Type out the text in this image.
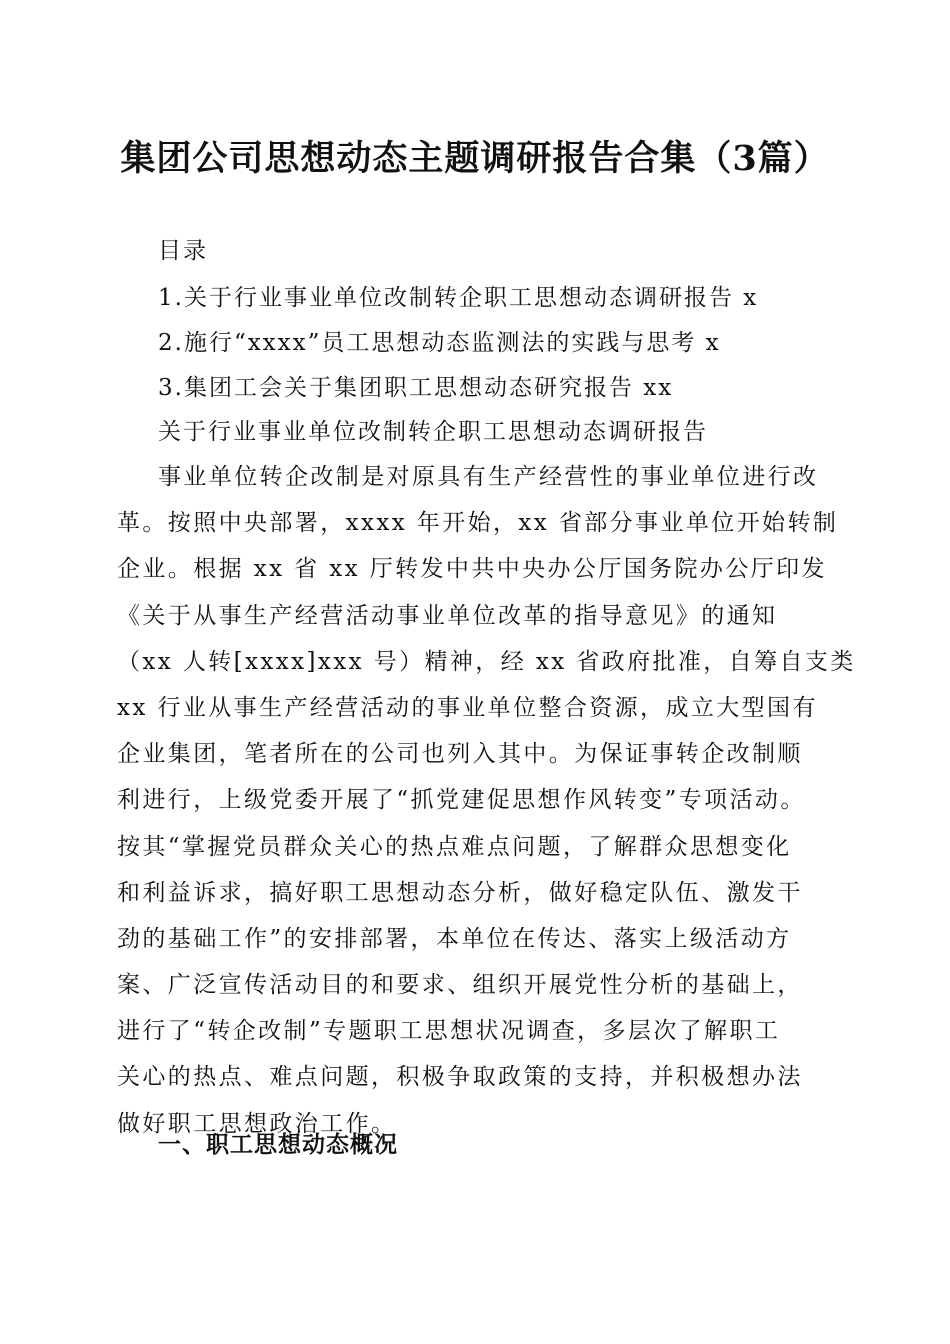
集团公司思想动态主题调研报告合集（3篇）
目录
1.关于行业事业单位改制转企职工思想动态调研报告 x
2.施行“xxxx”员工思想动态监测法的实践与思考 x
3.集团工会关于集团职工思想动态研究报告 xx
关于行业事业单位改制转企职工思想动态调研报告
事业单位转企改制是对原具有生产经营性的事业单位进行改
革。按照中央部署，xxxx 年开始，xx 省部分事业单位开始转制
企业。根据 xx 省 xx 厅转发中共中央办公厅国务院办公厅印发
《关于从事生产经营活动事业单位改革的指导意见》的通知
（xx 人转[xxxx]xxx 号）精神，经 xx 省政府批准，自筹自支类
xx 行业从事生产经营活动的事业单位整合资源，成立大型国有
企业集团，笔者所在的公司也列入其中。为保证事转企改制顺
利进行，上级党委开展了“抓党建促思想作风转变”专项活动。
按其“掌握党员群众关心的热点难点问题，了解群众思想变化
和利益诉求，搞好职工思想动态分析，做好稳定队伍、激发干
劲的基础工作”的安排部署，本单位在传达、落实上级活动方
案、广泛宣传活动目的和要求、组织开展党性分析的基础上，
进行了“转企改制”专题职工思想状况调查，多层次了解职工
关心的热点、难点问题，积极争取政策的支持，并积极想办法
做好职工思想政治工作。
一、职工思想动态概况
